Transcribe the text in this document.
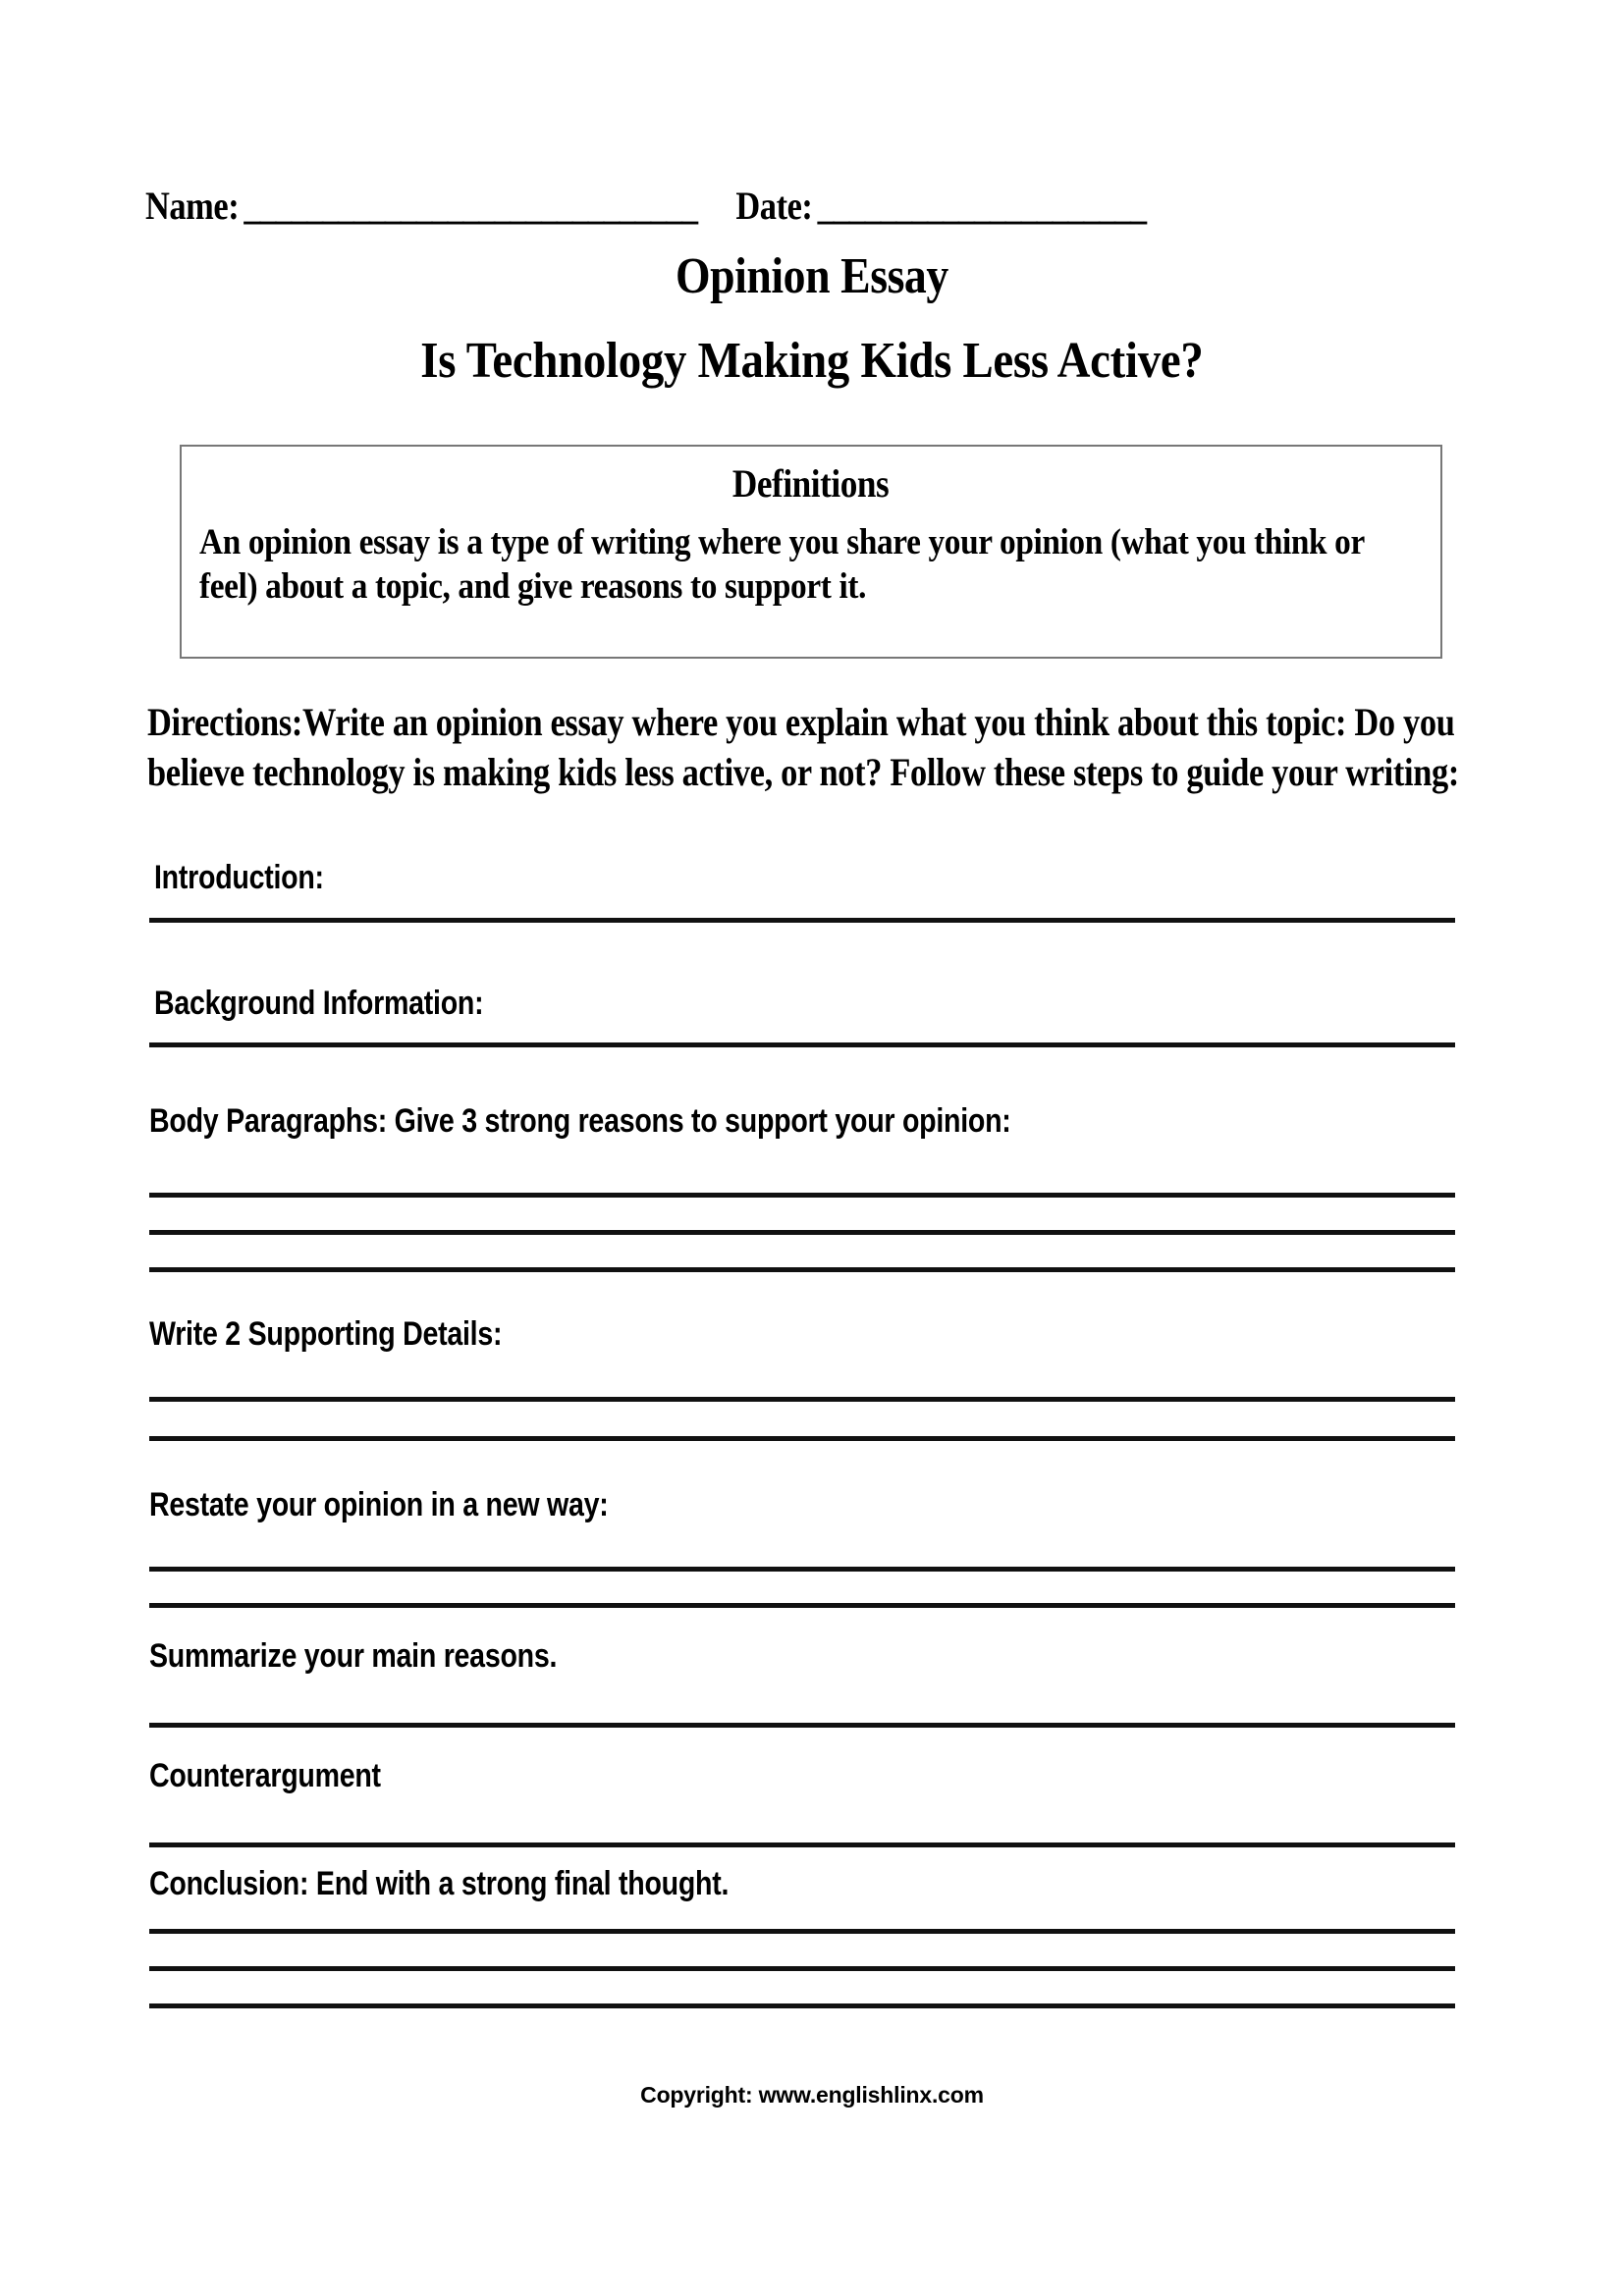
Name: _____________________________ Date: _____________________
Opinion Essay
Is Technology Making Kids Less Active?
Definitions
An opinion essay is a type of writing where you share your opinion (what you think or feel) about a topic, and give reasons to support it.
Directions:Write an opinion essay where you explain what you think about this topic: Do you believe technology is making kids less active, or not? Follow these steps to guide your writing:
Introduction:
Background Information:
Body Paragraphs: Give 3 strong reasons to support your opinion:
Write 2 Supporting Details:
Restate your opinion in a new way:
Summarize your main reasons.
Counterargument
Conclusion: End with a strong final thought.
Copyright: www.englishlinx.com
